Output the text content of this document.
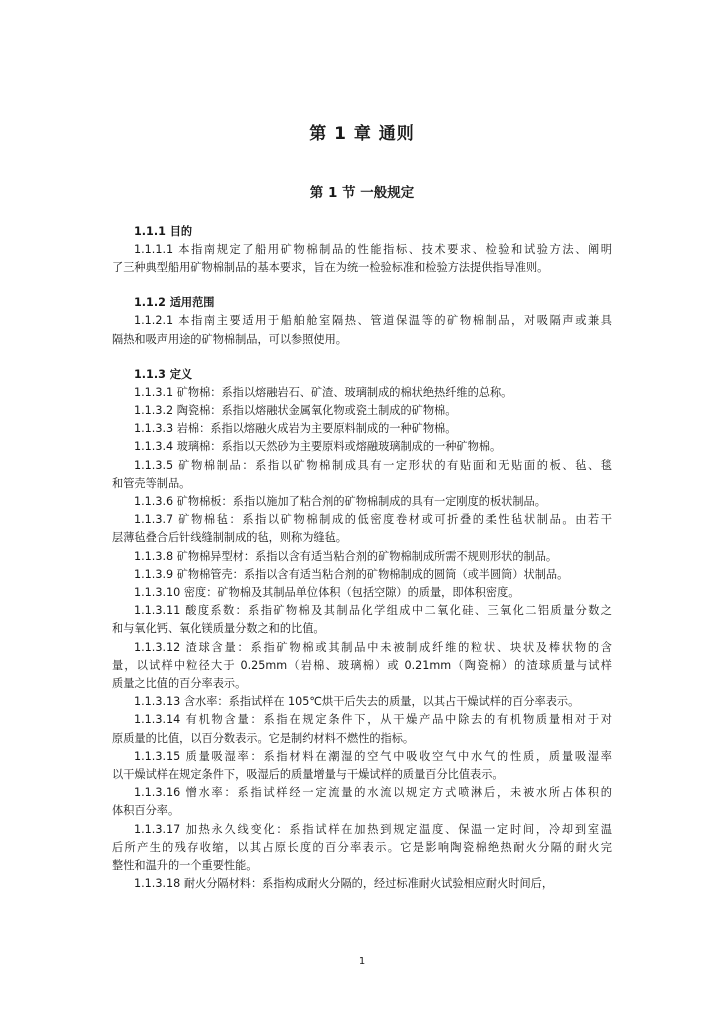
第 1 章 通则
第 1 节 一般规定

1.1.1 目的

1.1.1.1 本指南规定了船用矿物棉制品的性能指标、技术要求、检验和试验方法、阐明
了三种典型船用矿物棉制品的基本要求，旨在为统一检验标准和检验方法提供指导准则。

1.1.2 适用范围

1.1.2.1 本指南主要适用于船舶舱室隔热、管道保温等的矿物棉制品，对吸隔声或兼具
隔热和吸声用途的矿物棉制品，可以参照使用。

1.1.3 定义

1.1.3.1 矿物棉：系指以熔融岩石、矿渣、玻璃制成的棉状绝热纤维的总称。

1.1.3.2 陶瓷棉：系指以熔融状金属氧化物或瓷土制成的矿物棉。

1.1.3.3 岩棉：系指以熔融火成岩为主要原料制成的一种矿物棉。

1.1.3.4 玻璃棉：系指以天然砂为主要原料或熔融玻璃制成的一种矿物棉。

1.1.3.5 矿物棉制品：系指以矿物棉制成具有一定形状的有贴面和无贴面的板、毡、毯
和管壳等制品。

1.1.3.6 矿物棉板：系指以施加了粘合剂的矿物棉制成的具有一定刚度的板状制品。

1.1.3.7 矿物棉毡：系指以矿物棉制成的低密度卷材或可折叠的柔性毡状制品。由若干
层薄毡叠合后针线缝制制成的毡，则称为缝毡。

1.1.3.8 矿物棉异型材：系指以含有适当粘合剂的矿物棉制成所需不规则形状的制品。

1.1.3.9 矿物棉管壳：系指以含有适当粘合剂的矿物棉制成的圆筒（或半圆筒）状制品。

1.1.3.10 密度：矿物棉及其制品单位体积（包括空隙）的质量，即体积密度。

1.1.3.11 酸度系数：系指矿物棉及其制品化学组成中二氧化硅、三氧化二铝质量分数之
和与氧化钙、氧化镁质量分数之和的比值。

1.1.3.12 渣球含量：系指矿物棉或其制品中未被制成纤维的粒状、块状及棒状物的含
量，以试样中粒径大于 0.25mm（岩棉、玻璃棉）或 0.21mm（陶瓷棉）的渣球质量与试样
质量之比值的百分率表示。

1.1.3.13 含水率：系指试样在 105℃烘干后失去的质量，以其占干燥试样的百分率表示。

1.1.3.14 有机物含量：系指在规定条件下，从干燥产品中除去的有机物质量相对于对
原质量的比值，以百分数表示。它是制约材料不燃性的指标。

1.1.3.15 质量吸湿率：系指材料在潮湿的空气中吸收空气中水气的性质，质量吸湿率
以干燥试样在规定条件下，吸湿后的质量增量与干燥试样的质量百分比值表示。

1.1.3.16 憎水率：系指试样经一定流量的水流以规定方式喷淋后，未被水所占体积的
体积百分率。

1.1.3.17 加热永久线变化：系指试样在加热到规定温度、保温一定时间，冷却到室温
后所产生的残存收缩，以其占原长度的百分率表示。它是影响陶瓷棉绝热耐火分隔的耐火完
整性和温升的一个重要性能。

1.1.3.18 耐火分隔材料：系指构成耐火分隔的，经过标准耐火试验相应耐火时间后，

1
